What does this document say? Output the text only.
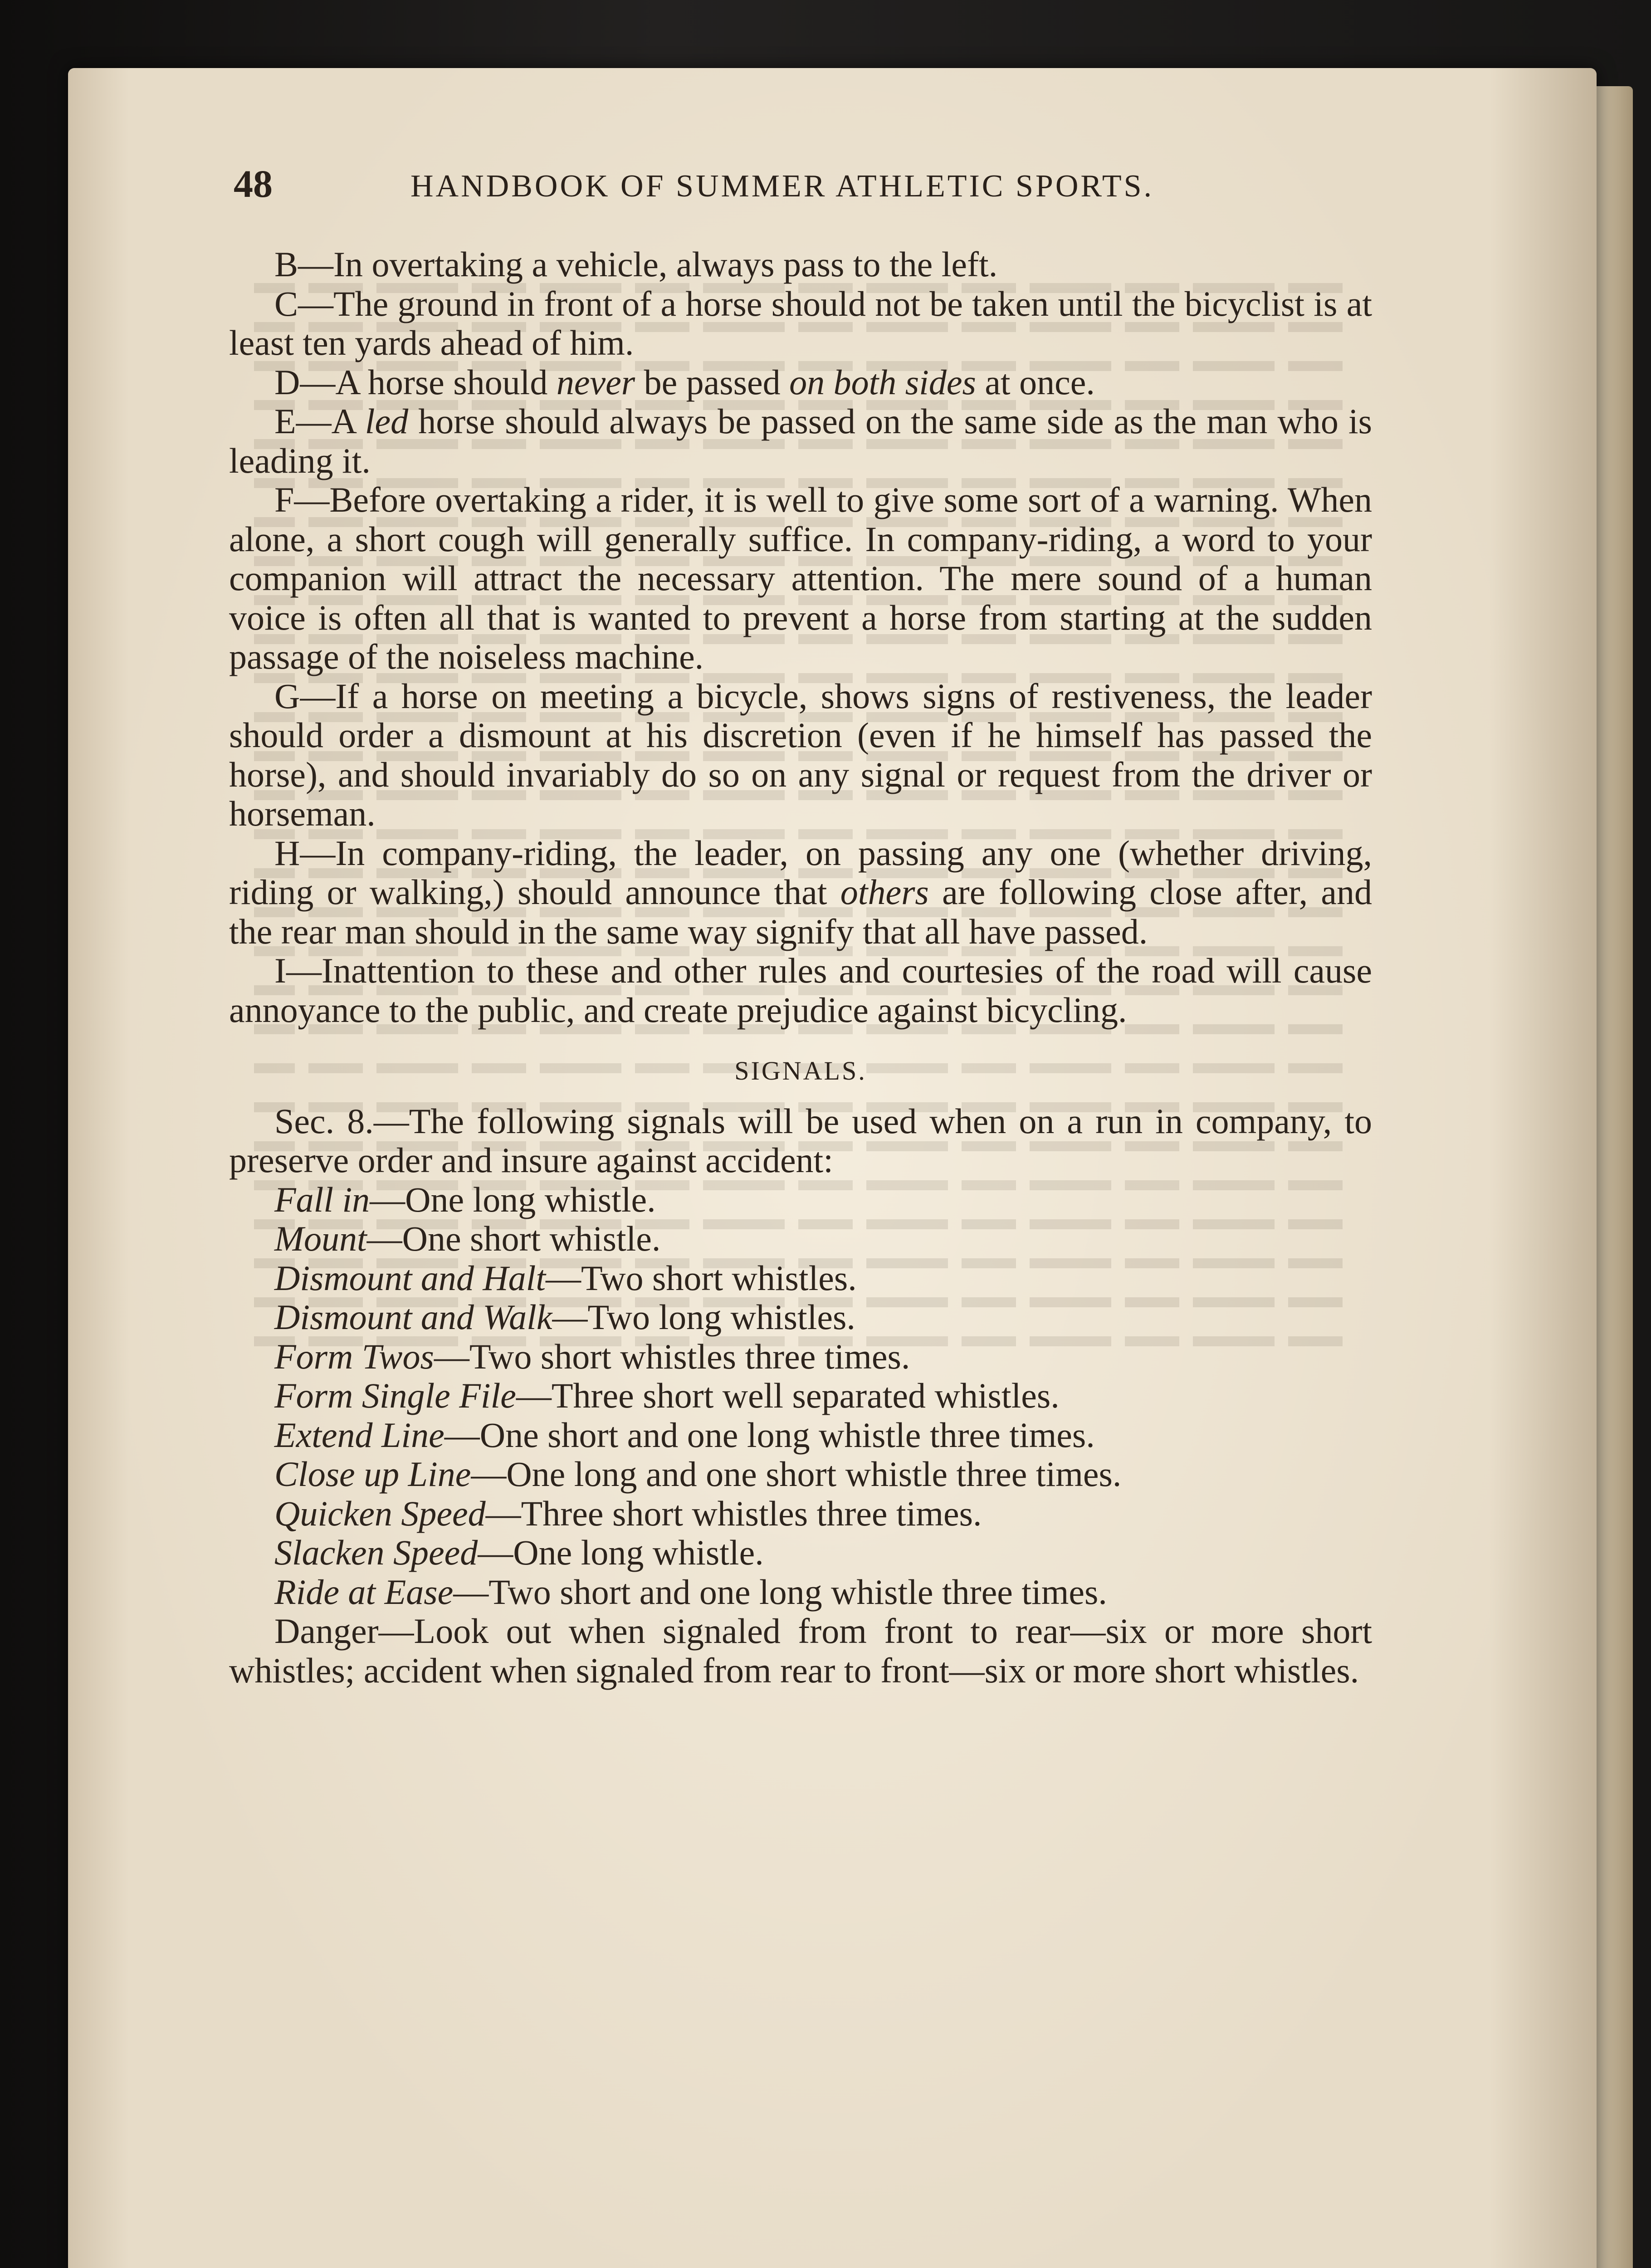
48	HANDBOOK OF SUMMER ATHLETIC SPORTS.

B—In overtaking a vehicle, always pass to the left.

C—The ground in front of a horse should not be taken until the bicyclist is at least ten yards ahead of him.

D—A horse should never be passed on both sides at once.

E—A led horse should always be passed on the same side as the man who is leading it.

F—Before overtaking a rider, it is well to give some sort of a warning. When alone, a short cough will generally suffice. In company-riding, a word to your companion will attract the necessary attention. The mere sound of a human voice is often all that is wanted to prevent a horse from starting at the sudden passage of the noiseless machine.

G—If a horse on meeting a bicycle, shows signs of restiveness, the leader should order a dismount at his discretion (even if he himself has passed the horse), and should invariably do so on any signal or request from the driver or horseman.

H—In company-riding, the leader, on passing any one (whether driving, riding or walking,) should announce that others are following close after, and the rear man should in the same way signify that all have passed.

I—Inattention to these and other rules and courtesies of the road will cause annoyance to the public, and create prejudice against bicycling.

SIGNALS.

Sec. 8.—The following signals will be used when on a run in company, to preserve order and insure against accident:

Fall in—One long whistle.

Mount—One short whistle.

Dismount and Halt—Two short whistles.

Dismount and Walk—Two long whistles.

Form Twos—Two short whistles three times.

Form Single File—Three short well separated whistles.

Extend Line—One short and one long whistle three times.

Close up Line—One long and one short whistle three times.

Quicken Speed—Three short whistles three times.

Slacken Speed—One long whistle.

Ride at Ease—Two short and one long whistle three times.

Danger—Look out when signaled from front to rear—six or more short whistles; accident when signaled from rear to front—six or more short whistles.
